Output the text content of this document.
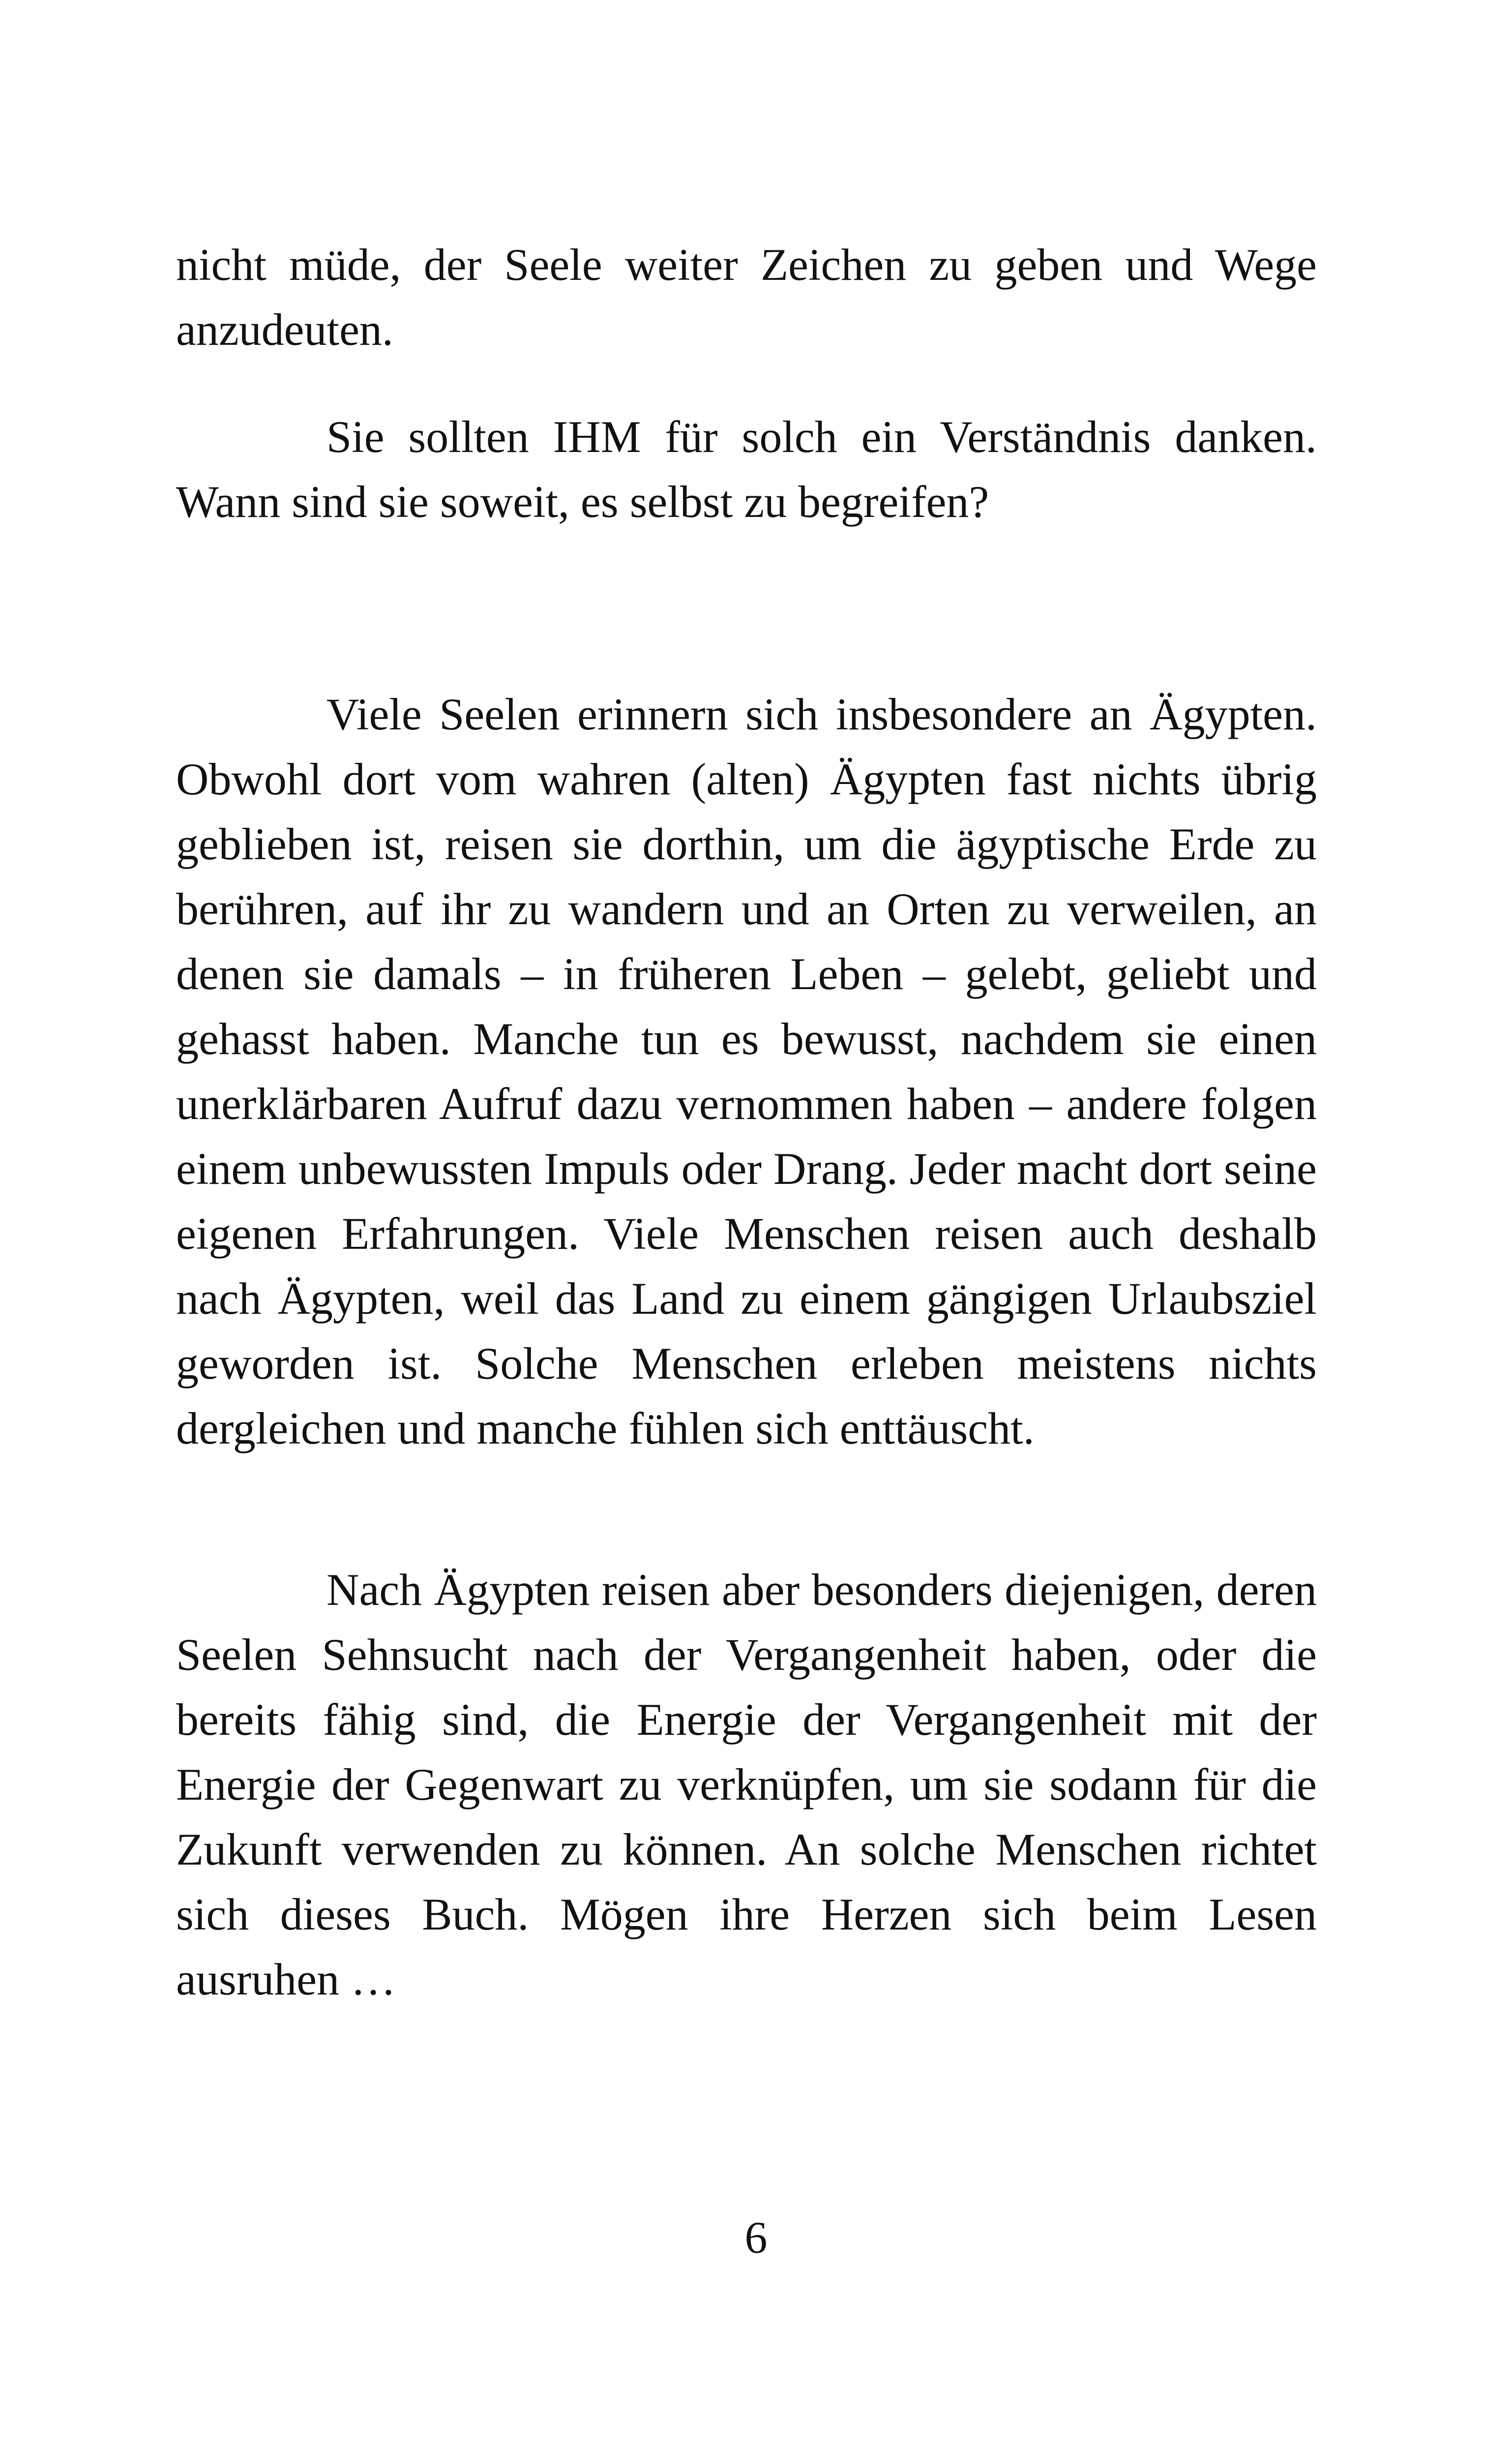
nicht müde, der Seele weiter Zeichen zu geben und Wege anzudeuten.

Sie sollten IHM für solch ein Verständnis danken. Wann sind sie soweit, es selbst zu begreifen?

Viele Seelen erinnern sich insbesondere an Ägypten. Obwohl dort vom wahren (alten) Ägypten fast nichts übrig geblieben ist, reisen sie dorthin, um die ägyptische Erde zu berühren, auf ihr zu wandern und an Orten zu verweilen, an denen sie damals – in früheren Leben – gelebt, geliebt und gehasst haben. Manche tun es bewusst, nachdem sie einen unerklärbaren Aufruf dazu vernommen haben – andere folgen einem unbewussten Impuls oder Drang. Jeder macht dort seine eigenen Erfahrungen. Viele Menschen reisen auch deshalb nach Ägypten, weil das Land zu einem gängigen Urlaubsziel geworden ist. Solche Menschen erleben meistens nichts dergleichen und manche fühlen sich enttäuscht.

Nach Ägypten reisen aber besonders diejenigen, deren Seelen Sehnsucht nach der Vergangenheit haben, oder die bereits fähig sind, die Energie der Vergangenheit mit der Energie der Gegenwart zu verknüpfen, um sie sodann für die Zukunft verwenden zu können. An solche Menschen richtet sich dieses Buch. Mögen ihre Herzen sich beim Lesen ausruhen …

6
